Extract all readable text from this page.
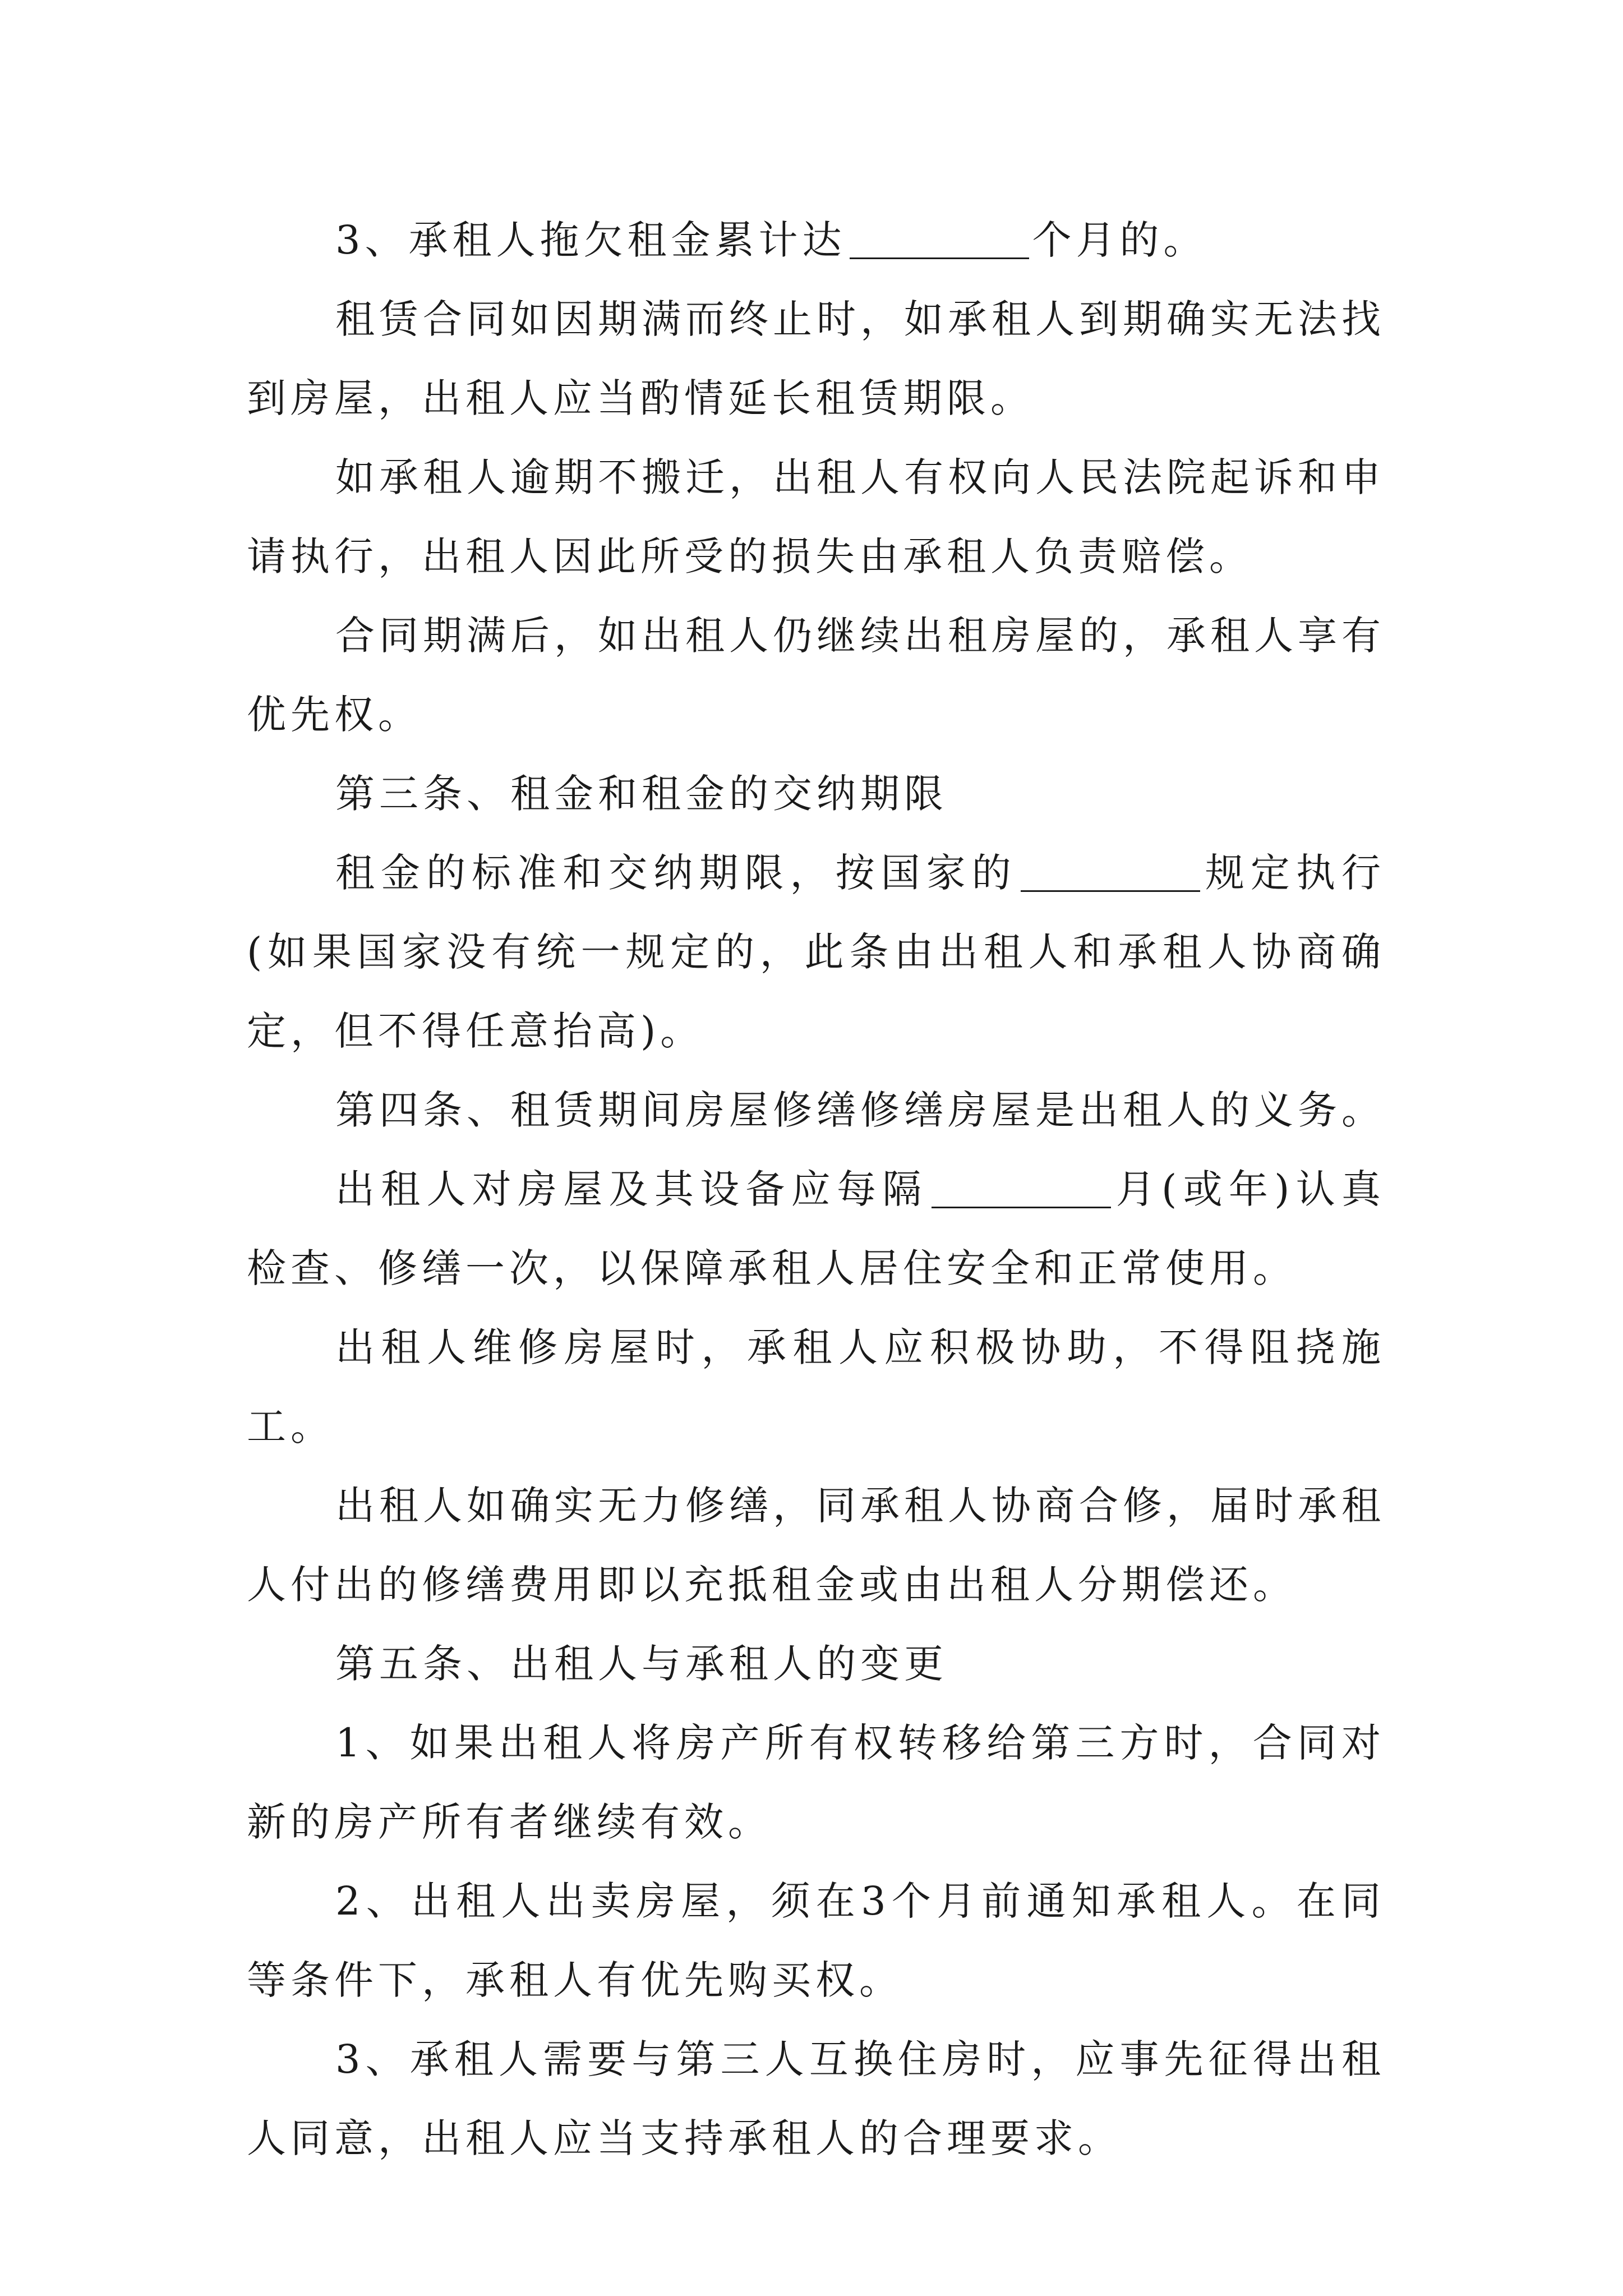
3、承租人拖欠租金累计达	个月的。

租赁合同如因期满而终止时，如承租人到期确实无法找到房屋，出租人应当酌情延长租赁期限。

如承租人逾期不搬迁，出租人有权向人民法院起诉和申请执行，出租人因此所受的损失由承租人负责赔偿。

合同期满后，如出租人仍继续出租房屋的，承租人享有优先权。

第三条、租金和租金的交纳期限

租金的标准和交纳期限，按国家的	规定执行(如果国家没有统一规定的，此条由出租人和承租人协商确定，但不得任意抬高)。

第四条、租赁期间房屋修缮修缮房屋是出租人的义务。

出租人对房屋及其设备应每隔	月(或年)认真检查、修缮一次，以保障承租人居住安全和正常使用。

出租人维修房屋时，承租人应积极协助，不得阻挠施工。

出租人如确实无力修缮，同承租人协商合修，届时承租人付出的修缮费用即以充抵租金或由出租人分期偿还。

第五条、出租人与承租人的变更

1、如果出租人将房产所有权转移给第三方时，合同对新的房产所有者继续有效。

2、出租人出卖房屋，须在3个月前通知承租人。在同等条件下，承租人有优先购买权。

3、承租人需要与第三人互换住房时，应事先征得出租人同意，出租人应当支持承租人的合理要求。
